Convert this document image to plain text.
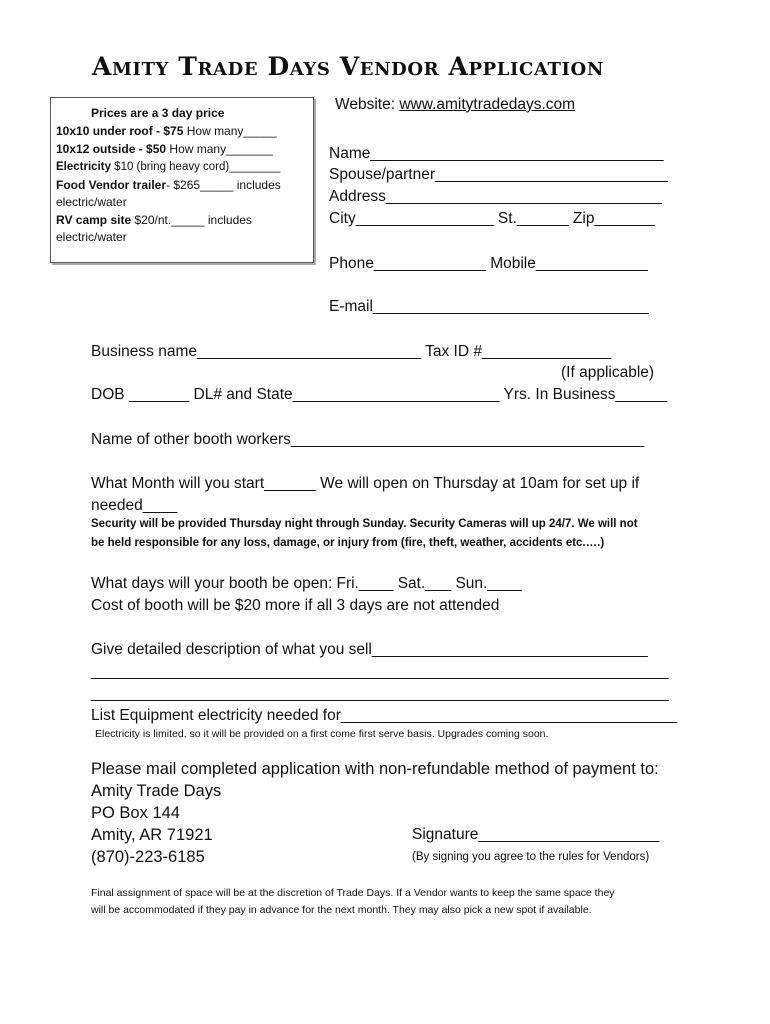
Amity Trade Days Vendor Application
Prices are a 3 day price
10x10 under roof - $75 How many_____
10x12 outside - $50 How many_______
Electricity $10 (bring heavy cord)________
Food Vendor trailer- $265_____ includes
electric/water
RV camp site $20/nt._____ includes
electric/water
Website: www.amitytradedays.com
Name__________________________________
Spouse/partner___________________________
Address________________________________
City________________ St.______ Zip_______
Phone_____________ Mobile_____________
E-mail________________________________
Business name__________________________ Tax ID #_______________
(If applicable)
DOB _______ DL# and State________________________ Yrs. In Business______
Name of other booth workers_________________________________________
What Month will you start______ We will open on Thursday at 10am for set up if
needed____
Security will be provided Thursday night through Sunday. Security Cameras will up 24/7. We will not
be held responsible for any loss, damage, or injury from (fire, theft, weather, accidents etc.….)
What days will your booth be open: Fri.____ Sat.___ Sun.____
Cost of booth will be $20 more if all 3 days are not attended
Give detailed description of what you sell________________________________
___________________________________________________________________
___________________________________________________________________
List Equipment electricity needed for_______________________________________
Electricity is limited, so it will be provided on a first come first serve basis. Upgrades coming soon.
Please mail completed application with non-refundable method of payment to:
Amity Trade Days
PO Box 144
Amity, AR 71921
(870)-223-6185
Signature_____________________
(By signing you agree to the rules for Vendors)
Final assignment of space will be at the discretion of Trade Days. If a Vendor wants to keep the same space they
will be accommodated if they pay in advance for the next month. They may also pick a new spot if available.
